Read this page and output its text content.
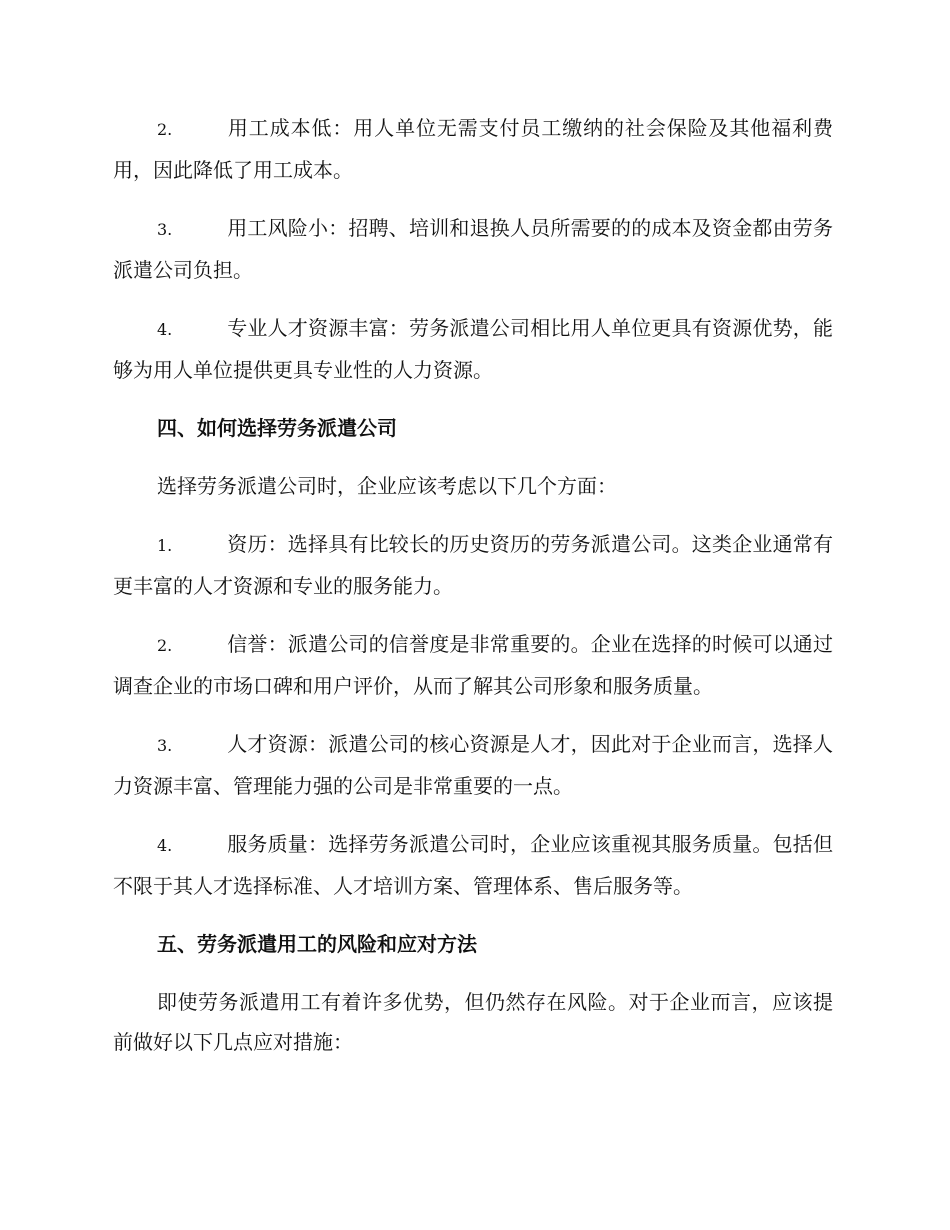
2.	用工成本低：用人单位无需支付员工缴纳的社会保险及其他福利费用，因此降低了用工成本。

3.	用工风险小：招聘、培训和退换人员所需要的的成本及资金都由劳务派遣公司负担。

4.	专业人才资源丰富：劳务派遣公司相比用人单位更具有资源优势，能够为用人单位提供更具专业性的人力资源。

四、如何选择劳务派遣公司

选择劳务派遣公司时，企业应该考虑以下几个方面：

1.	资历：选择具有比较长的历史资历的劳务派遣公司。这类企业通常有更丰富的人才资源和专业的服务能力。

2.	信誉：派遣公司的信誉度是非常重要的。企业在选择的时候可以通过调查企业的市场口碑和用户评价，从而了解其公司形象和服务质量。

3.	人才资源：派遣公司的核心资源是人才，因此对于企业而言，选择人力资源丰富、管理能力强的公司是非常重要的一点。

4.	服务质量：选择劳务派遣公司时，企业应该重视其服务质量。包括但不限于其人才选择标准、人才培训方案、管理体系、售后服务等。

五、劳务派遣用工的风险和应对方法

即使劳务派遣用工有着许多优势，但仍然存在风险。对于企业而言，应该提前做好以下几点应对措施：
